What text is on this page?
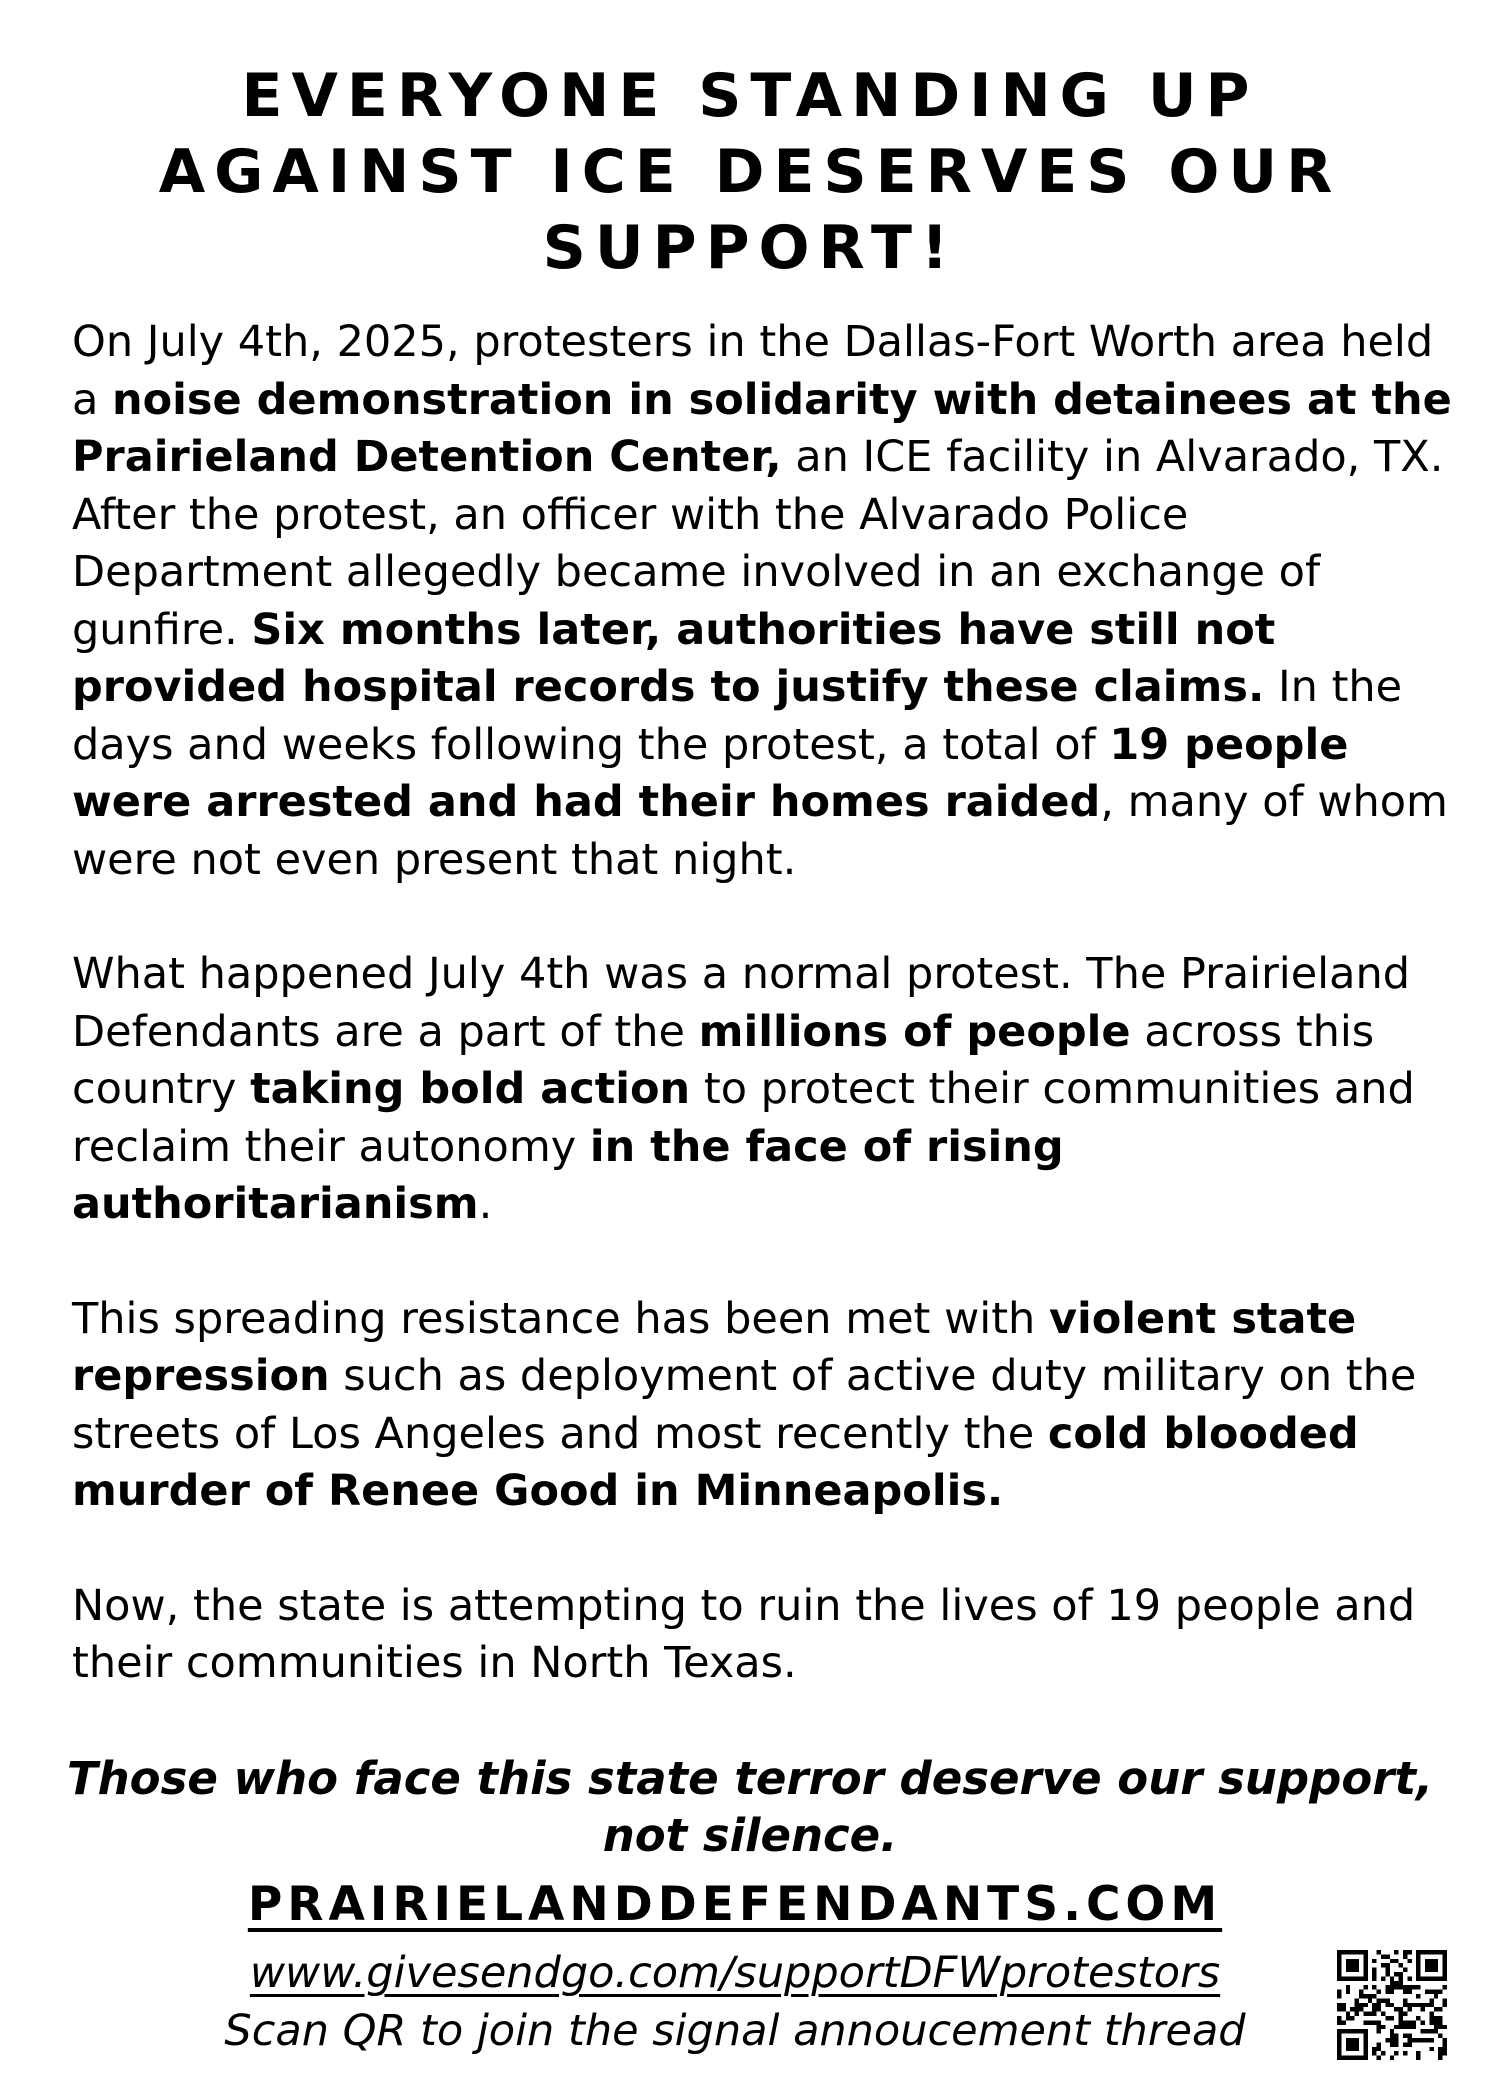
EVERYONE STANDING UP
AGAINST ICE DESERVES OUR
SUPPORT!

On July 4th, 2025, protesters in the Dallas-Fort Worth area held a noise demonstration in solidarity with detainees at the Prairieland Detention Center, an ICE facility in Alvarado, TX. After the protest, an officer with the Alvarado Police Department allegedly became involved in an exchange of gunfire. Six months later, authorities have still not provided hospital records to justify these claims. In the days and weeks following the protest, a total of 19 people were arrested and had their homes raided, many of whom were not even present that night.

What happened July 4th was a normal protest. The Prairieland Defendants are a part of the millions of people across this country taking bold action to protect their communities and reclaim their autonomy in the face of rising authoritarianism.

This spreading resistance has been met with violent state repression such as deployment of active duty military on the streets of Los Angeles and most recently the cold blooded murder of Renee Good in Minneapolis.

Now, the state is attempting to ruin the lives of 19 people and their communities in North Texas.

Those who face this state terror deserve our support,
not silence.
PRAIRIELANDDEFENDANTS.COM
www.givesendgo.com/supportDFWprotestors
Scan QR to join the signal annoucement thread
